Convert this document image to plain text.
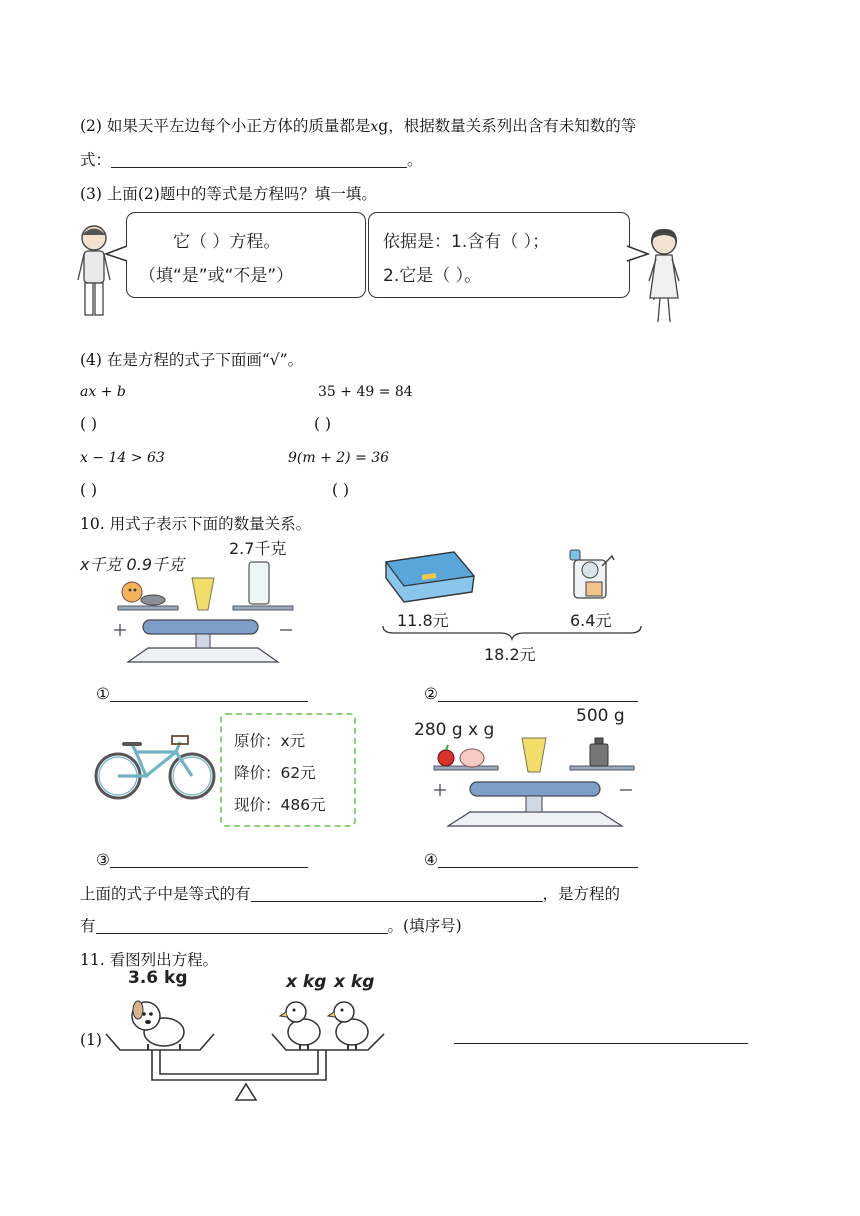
(2) 如果天平左边每个小正方体的质量都是xg，根据数量关系列出含有未知数的等
式：	。
(3) 上面(2)题中的等式是方程吗？填一填。
它（ ）方程。
（填“是”或“不是”）
依据是：1.含有（ ）；
2.它是（ ）。
(4) 在是方程的式子下面画“√”。
ax + b	35 + 49 = 84
( )	( )
x − 14 > 63	9(m + 2) = 36
( )	( )
10. 用式子表示下面的数量关系。
x千克 0.9千克
2.7千克
11.8元	6.4元
18.2元
①	②
原价：x元
降价：62元
现价：486元
280 g x g
500 g
③	④
上面的式子中是等式的有	，是方程的
有	。(填序号)
11. 看图列出方程。
(1)
3.6 kg	x kg x kg
